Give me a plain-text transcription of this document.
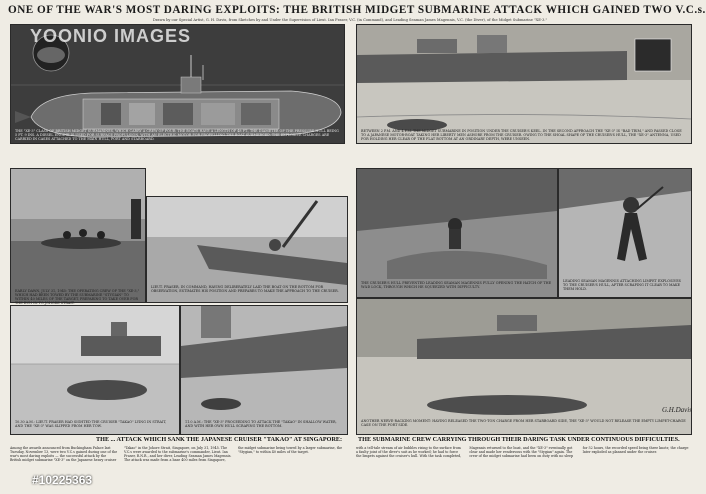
ONE OF THE WAR'S MOST DARING EXPLOITS: THE BRITISH MIDGET SUBMARINE ATTACK WHICH GAINED TWO V.C.s.
Drawn by our Special Artist, G. H. Davis, from Sketches by and Under the Supervision of Lieut. Ian Fraser, V.C. (in Command), and Leading Seaman James Magennis, V.C. (the Diver), of the Midget Submarine "XE-3."
THE "XE-3" CLASS OF BRITISH MIDGET SUBMARINES, WHICH CARRY A CREW OF FOUR: THE BOATS HAVE A LENGTH OF 48 FT., THE DIAMETER OF THE PRESSURE HULL BEING 5 FT. 9 INS. A DIESEL ENGINE IS USED FOR SURFACE PROPULSION, WITH AN ELECTRIC MOTOR FOR PROPELLING THE BOAT SUBMERGED. THE EXPLOSIVE CHARGES ARE CARRIED IN CASES ATTACHED TO THE MAIN HULL, PORT AND STARBOARD.
YOONIO IMAGES
BETWEEN 2 P.M. AND 4 P.M. THE MIDGET SUBMARINE IN POSITION UNDER THE CRUISER'S KEEL. IN THE SECOND APPROACH THE "XE-3" IS "BAD TRIM," AND PASSED CLOSE TO A JAPANESE MOTOR-BOAT TAKING HER LIBERTY MEN ASHORE FROM THE CRUISER. OWING TO THE SHOAL SHAPE OF THE CRUISER'S HULL, THE "XE-3" ANTENNA, USED FOR HOLDING HER CLEAR OF THE FLAT BOTTOM AT AN ORDINARY DEPTH, WERE UNSEEN.
EARLY DAWN, JULY 31, 1945: THE OPERATING CREW OF THE "XE-3," WHICH HAD BEEN TOWED BY THE SUBMARINE "STYGIAN" TO WITHIN 40 MILES OF THE TARGET, PREPARING TO TAKE OVER FOR THE RUN-IN TO JOHORE STRAIT.
LIEUT. FRASER, IN COMMAND, HAVING DELIBERATELY LAID THE BOAT ON THE BOTTOM FOR OBSERVATION, ESTIMATES HIS POSITION AND PREPARES TO MAKE THE APPROACH TO THE CRUISER.
THE CRUISER'S HULL PREVENTED LEADING SEAMAN MAGENNIS FULLY OPENING THE HATCH OF THE W&D LOCK, THROUGH WHICH HE SQUEEZED WITH DIFFICULTY.
LEADING SEAMAN MAGENNIS ATTACHING LIMPET EXPLOSIVES TO THE CRUISER'S HULL, AFTER SCRAPING IT CLEAR TO MAKE THEM HOLD.
10.30 A.M.: LIEUT. FRASER HAD SIGHTED THE CRUISER "TAKAO" LYING IN STRAIT, AND THE "XE-3" WAS SLIPPED FROM HER TOW.
11.0 A.M.: THE "XE-3" PROCEEDING TO ATTACK THE "TAKAO" IN SHALLOW WATER, AND WITH HER OWN HULL SCRAPING THE BOTTOM.
ANOTHER NERVE-RACKING MOMENT: HAVING RELEASED THE TWO-TON CHARGE FROM HER STARBOARD SIDE, THE "XE-3" WOULD NOT RELEASE THE EMPTY LIMPET-CHARGE CASE ON THE PORT SIDE.
G.H.Davis
THE ... ATTACK WHICH SANK THE JAPANESE CRUISER "TAKAO" AT SINGAPORE:	THE SUBMARINE CREW CARRYING THROUGH THEIR DARING TASK UNDER CONTINUOUS DIFFICULTIES.
Among the awards announced from Buckingham Palace last Tuesday, November 13, were two V.C.s gained during one of the war's most daring exploits — the successful attack by the British midget submarine "XE-3" on the Japanese heavy cruiser "Takao" in the Johore Strait, Singapore, on July 31, 1945. The V.C.s were awarded to the submarine's commander, Lieut. Ian Fraser, R.N.R., and her diver, Leading Seaman James Magennis. The attack was made from a base 400 miles from Singapore, the midget submarine being towed by a larger submarine, the "Stygian," to within 40 miles of the target.
with a tell-tale stream of air bubbles rising to the surface from a faulty joint of the diver's suit as he worked; he had to force the limpets against the cruiser's hull. With the task completed, Magennis returned to the boat, and the "XE-3" eventually got clear and made her rendezvous with the "Stygian" again. The crew of the midget submarine had been on duty with no sleep for 52 hours, the recorded speed being three knots; the charge later exploded as planned under the cruiser.
#10225363
